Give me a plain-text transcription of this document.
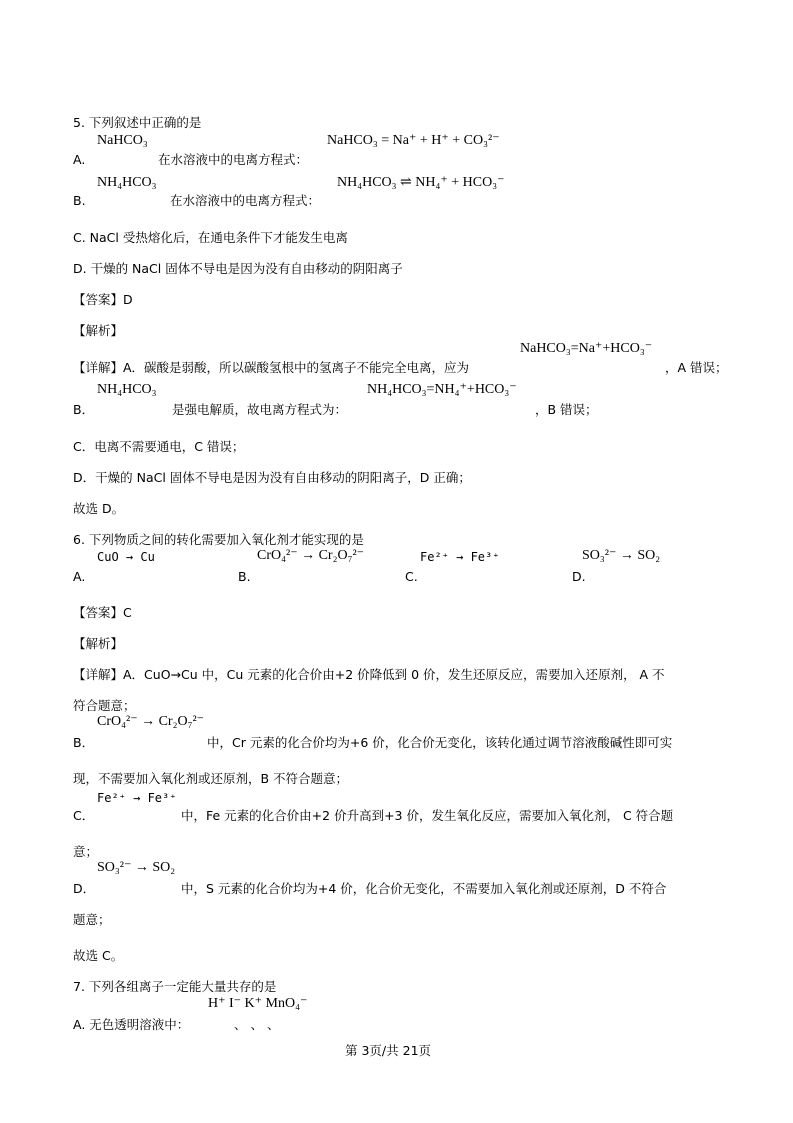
5. 下列叙述中正确的是
NaHCO₃	NaHCO₃ = Na⁺ + H⁺ + CO₃²⁻
A.	在水溶液中的电离方程式：
NH₄HCO₃	NH₄HCO₃ ⇌ NH₄⁺ + HCO₃⁻
B.	在水溶液中的电离方程式：
C. NaCl 受热熔化后，在通电条件下才能发生电离
D. 干燥的 NaCl 固体不导电是因为没有自由移动的阴阳离子
【答案】D
【解析】
NaHCO₃=Na⁺+HCO₃⁻
【详解】A．碳酸是弱酸，所以碳酸氢根中的氢离子不能完全电离，应为	，A 错误；
NH₄HCO₃	NH₄HCO₃=NH₄⁺+HCO₃⁻
B．	是强电解质，故电离方程式为：	，B 错误；
C．电离不需要通电，C 错误；
D．干燥的 NaCl 固体不导电是因为没有自由移动的阴阳离子，D 正确；
故选 D。
6. 下列物质之间的转化需要加入氧化剂才能实现的是
CuO → Cu	CrO₄²⁻ → Cr₂O₇²⁻	Fe²⁺ → Fe³⁺	SO₃²⁻ → SO₂
A.	B.	C.	D.
【答案】C
【解析】
【详解】A．CuO→Cu 中，Cu 元素的化合价由+2 价降低到 0 价，发生还原反应，需要加入还原剂， A 不
符合题意；
CrO₄²⁻ → Cr₂O₇²⁻
B．	中，Cr 元素的化合价均为+6 价，化合价无变化，该转化通过调节溶液酸碱性即可实
现，不需要加入氧化剂或还原剂，B 不符合题意；
Fe²⁺ → Fe³⁺
C．	中，Fe 元素的化合价由+2 价升高到+3 价，发生氧化反应，需要加入氧化剂， C 符合题
意；
SO₃²⁻ → SO₂
D．	中，S 元素的化合价均为+4 价，化合价无变化，不需要加入氧化剂或还原剂，D 不符合
题意；
故选 C。
7. 下列各组离子一定能大量共存的是
H⁺ I⁻ K⁺ MnO₄⁻
A. 无色透明溶液中：	、 、 、
第 3页/共 21页
